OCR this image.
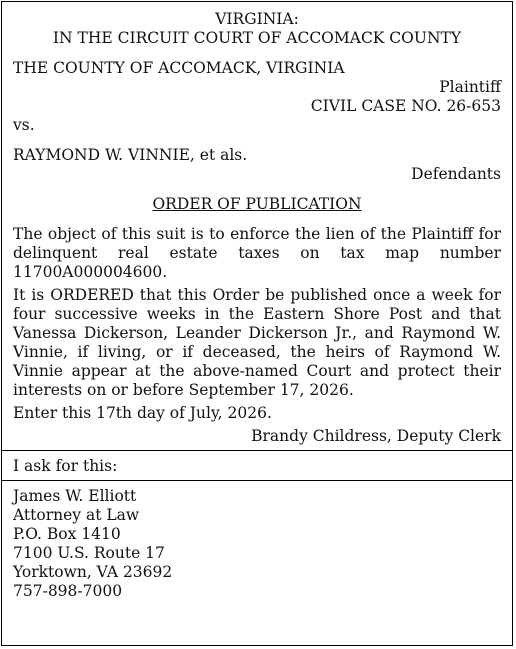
VIRGINIA:
IN THE CIRCUIT COURT OF ACCOMACK COUNTY
THE COUNTY OF ACCOMACK, VIRGINIA
Plaintiff
CIVIL CASE NO. 26-653
vs.
RAYMOND W. VINNIE, et als.
Defendants
ORDER OF PUBLICATION

The object of this suit is to enforce the lien of the Plaintiff for delinquent real estate taxes on tax map number 11700A000004600.

It is ORDERED that this Order be published once a week for four successive weeks in the Eastern Shore Post and that Vanessa Dickerson, Leander Dickerson Jr., and Raymond W. Vinnie, if living, or if deceased, the heirs of Raymond W. Vinnie appear at the above-named Court and protect their interests on or before September 17, 2026.

Enter this 17th day of July, 2026.

Brandy Childress, Deputy Clerk

I ask for this:

James W. Elliott
Attorney at Law
P.O. Box 1410
7100 U.S. Route 17
Yorktown, VA 23692
757-898-7000
